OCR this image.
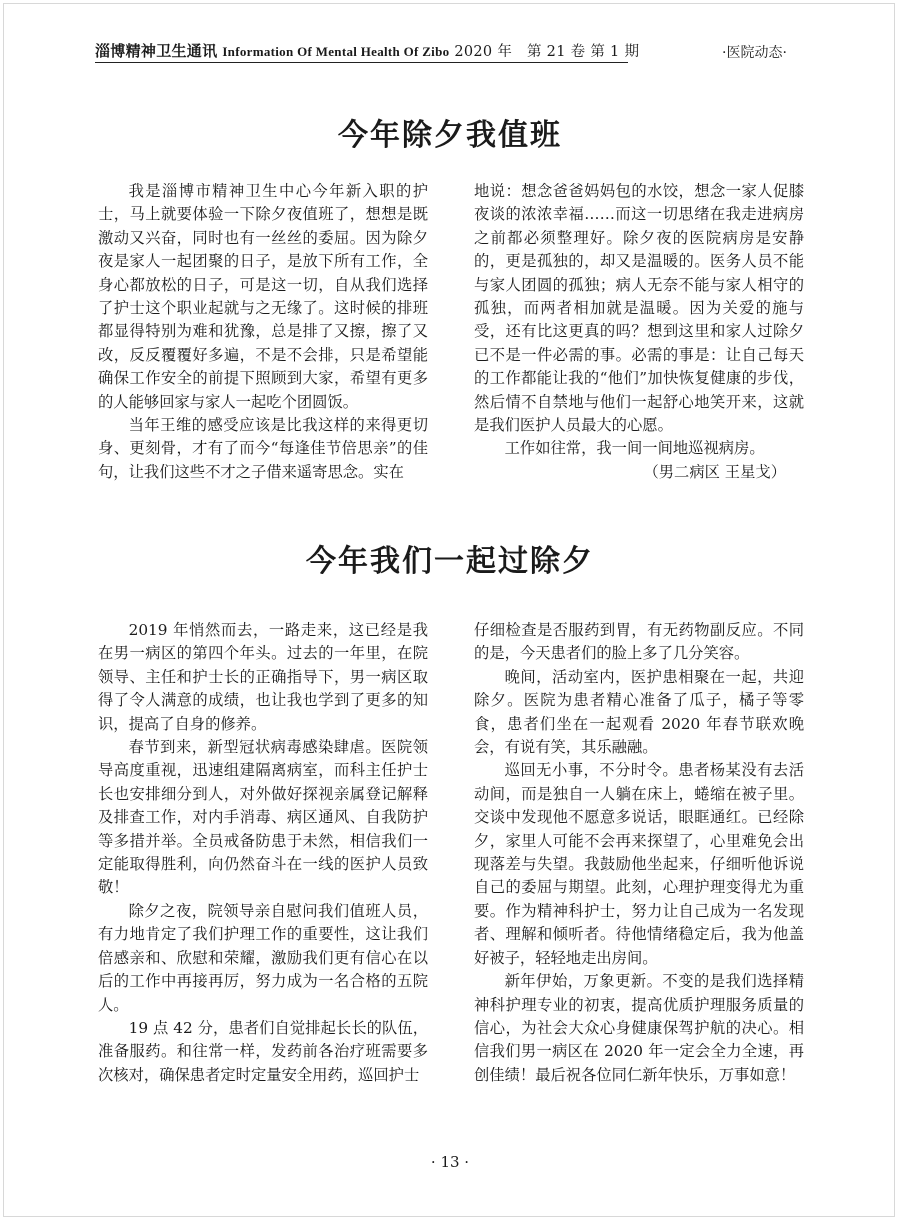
淄博精神卫生通讯 Information Of Mental Health Of Zibo 2020 年　第 21 卷 第 1 期	·医院动态·
今年除夕我值班

我是淄博市精神卫生中心今年新入职的护士，马上就要体验一下除夕夜值班了，想想是既激动又兴奋，同时也有一丝丝的委屈。因为除夕夜是家人一起团聚的日子，是放下所有工作，全身心都放松的日子，可是这一切，自从我们选择了护士这个职业起就与之无缘了。这时候的排班都显得特别为难和犹豫，总是排了又擦，擦了又改，反反覆覆好多遍，不是不会排，只是希望能确保工作安全的前提下照顾到大家，希望有更多的人能够回家与家人一起吃个团圆饭。

当年王维的感受应该是比我这样的来得更切身、更刻骨，才有了而今“每逢佳节倍思亲”的佳句，让我们这些不才之子借来遥寄思念。实在

地说：想念爸爸妈妈包的水饺，想念一家人促膝夜谈的浓浓幸福……而这一切思绪在我走进病房之前都必须整理好。除夕夜的医院病房是安静的，更是孤独的，却又是温暖的。医务人员不能与家人团圆的孤独；病人无奈不能与家人相守的孤独，而两者相加就是温暖。因为关爱的施与受，还有比这更真的吗？想到这里和家人过除夕已不是一件必需的事。必需的事是：让自己每天的工作都能让我的“他们”加快恢复健康的步伐，然后情不自禁地与他们一起舒心地笑开来，这就是我们医护人员最大的心愿。

工作如往常，我一间一间地巡视病房。

（男二病区 王星戈）
今年我们一起过除夕

2019 年悄然而去，一路走来，这已经是我在男一病区的第四个年头。过去的一年里，在院领导、主任和护士长的正确指导下，男一病区取得了令人满意的成绩，也让我也学到了更多的知识，提高了自身的修养。

春节到来，新型冠状病毒感染肆虐。医院领导高度重视，迅速组建隔离病室，而科主任护士长也安排细分到人，对外做好探视亲属登记解释及排查工作，对内手消毒、病区通风、自我防护等多措并举。全员戒备防患于未然，相信我们一定能取得胜利，向仍然奋斗在一线的医护人员致敬！

除夕之夜，院领导亲自慰问我们值班人员，有力地肯定了我们护理工作的重要性，这让我们倍感亲和、欣慰和荣耀，激励我们更有信心在以后的工作中再接再厉，努力成为一名合格的五院人。

19 点 42 分，患者们自觉排起长长的队伍，准备服药。和往常一样，发药前各治疗班需要多次核对，确保患者定时定量安全用药，巡回护士

仔细检查是否服药到胃，有无药物副反应。不同的是，今天患者们的脸上多了几分笑容。

晚间，活动室内，医护患相聚在一起，共迎除夕。医院为患者精心准备了瓜子，橘子等零食，患者们坐在一起观看 2020 年春节联欢晚会，有说有笑，其乐融融。

巡回无小事，不分时令。患者杨某没有去活动间，而是独自一人躺在床上，蜷缩在被子里。交谈中发现他不愿意多说话，眼眶通红。已经除夕，家里人可能不会再来探望了，心里难免会出现落差与失望。我鼓励他坐起来，仔细听他诉说自己的委屈与期望。此刻，心理护理变得尤为重要。作为精神科护士，努力让自己成为一名发现者、理解和倾听者。待他情绪稳定后，我为他盖好被子，轻轻地走出房间。

新年伊始，万象更新。不变的是我们选择精神科护理专业的初衷，提高优质护理服务质量的信心，为社会大众心身健康保驾护航的决心。相信我们男一病区在 2020 年一定会全力全速，再创佳绩！最后祝各位同仁新年快乐，万事如意！

· 13 ·
